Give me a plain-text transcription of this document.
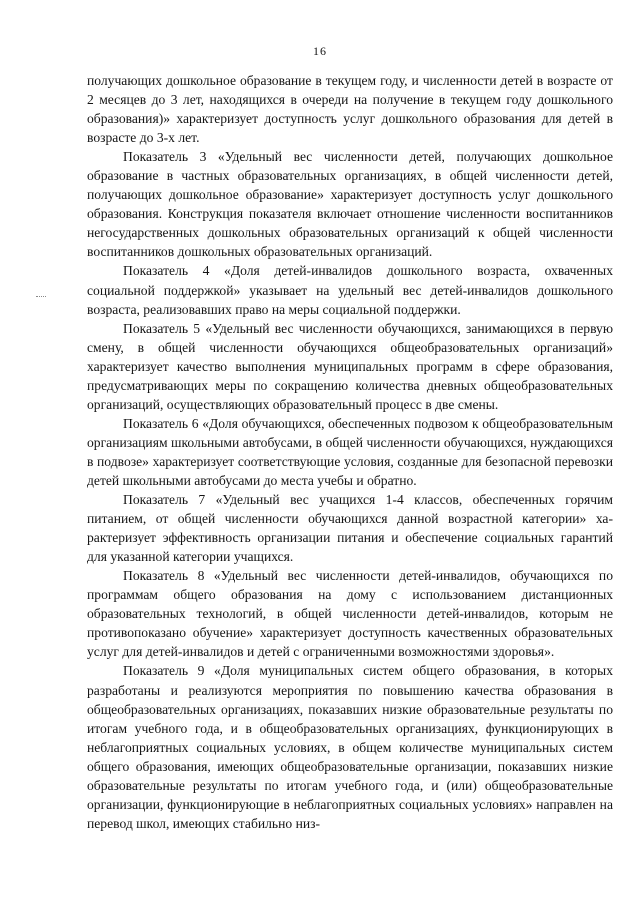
16

получающих дошкольное образование в текущем году, и численности детей в возрасте от 2 месяцев до 3 лет, находящихся в очереди на получение в текущем году дошкольного образования)» характеризует доступность услуг дошкольного образования для детей в возрасте до 3-х лет.

Показатель 3 «Удельный вес численности детей, получающих дошкольное образование в частных образовательных организациях, в общей численности детей, получающих дошкольное образование» характеризует доступность услуг дошкольного образования. Конструкция показателя включает отношение численности воспитанников негосударственных дошкольных образовательных организаций к общей численности воспитанников дошкольных образовательных организаций.

Показатель 4 «Доля детей-инвалидов дошкольного возраста, охваченных социальной поддержкой» указывает на удельный вес детей-инвалидов дошкольного возраста, реализовавших право на меры социальной поддержки.

Показатель 5 «Удельный вес численности обучающихся, занимающихся в первую смену, в общей численности обучающихся общеобразовательных организаций» характеризует качество выполнения муниципальных программ в сфере образования, предусматривающих меры по сокращению количества дневных общеобразовательных организаций, осуществляющих образовательный процесс в две смены.

Показатель 6 «Доля обучающихся, обеспеченных подвозом к общеобразовательным организациям школьными автобусами, в общей численности обучающихся, нуждающихся в подвозе» характеризует соответствующие условия, созданные для безопасной перевозки детей школьными автобусами до места учебы и обратно.

Показатель 7 «Удельный вес учащихся 1-4 классов, обеспеченных горячим питанием, от общей численности обучающихся данной возрастной категории» характеризует эффективность организации питания и обеспечение социальных гарантий для указанной категории учащихся.

Показатель 8 «Удельный вес численности детей-инвалидов, обучающихся по программам общего образования на дому с использованием дистанционных образовательных технологий, в общей численности детей-инвалидов, которым не противопоказано обучение» характеризует доступность качественных образовательных услуг для детей-инвалидов и детей с ограниченными возможностями здоровья».

Показатель 9 «Доля муниципальных систем общего образования, в которых разработаны и реализуются мероприятия по повышению качества образования в общеобразовательных организациях, показавших низкие образовательные результаты по итогам учебного года, и в общеобразовательных организациях, функционирующих в неблагоприятных социальных условиях, в общем количестве муниципальных систем общего образования, имеющих общеобразовательные организации, показавших низкие образовательные результаты по итогам учебного года, и (или) общеобразовательные организации, функционирующие в неблагоприятных социальных условиях» направлен на перевод школ, имеющих стабильно низ-
